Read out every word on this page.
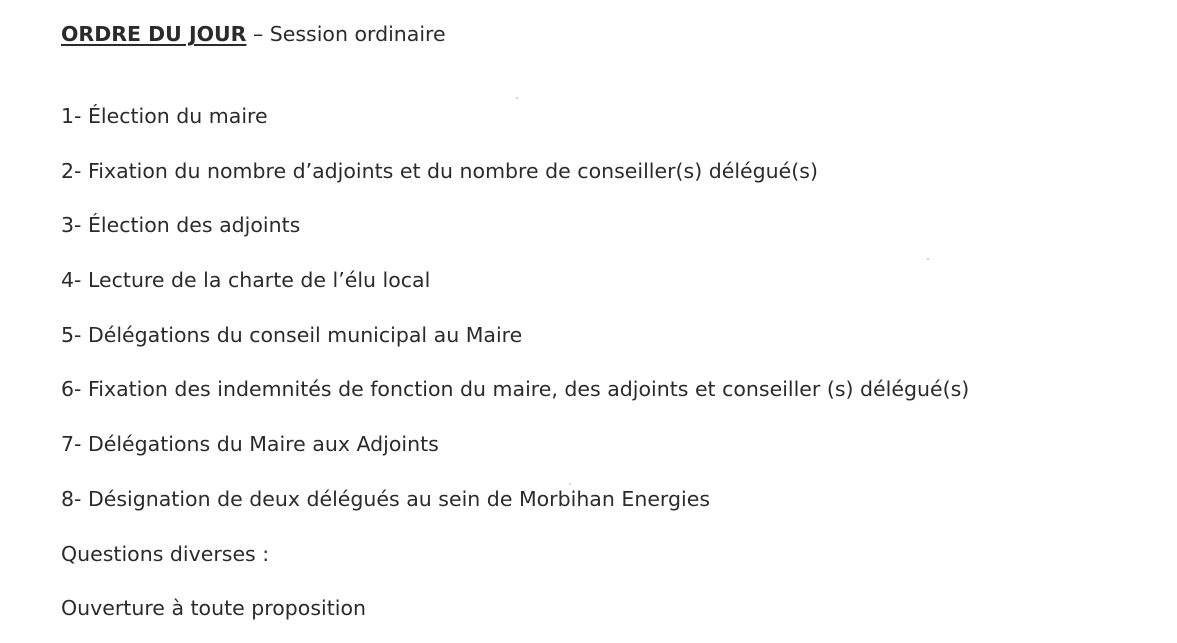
ORDRE DU JOUR – Session ordinaire
1- Élection du maire
2- Fixation du nombre d’adjoints et du nombre de conseiller(s) délégué(s)
3- Élection des adjoints
4- Lecture de la charte de l’élu local
5- Délégations du conseil municipal au Maire
6- Fixation des indemnités de fonction du maire, des adjoints et conseiller (s) délégué(s)
7- Délégations du Maire aux Adjoints
8- Désignation de deux délégués au sein de Morbihan Energies
Questions diverses :
Ouverture à toute proposition
